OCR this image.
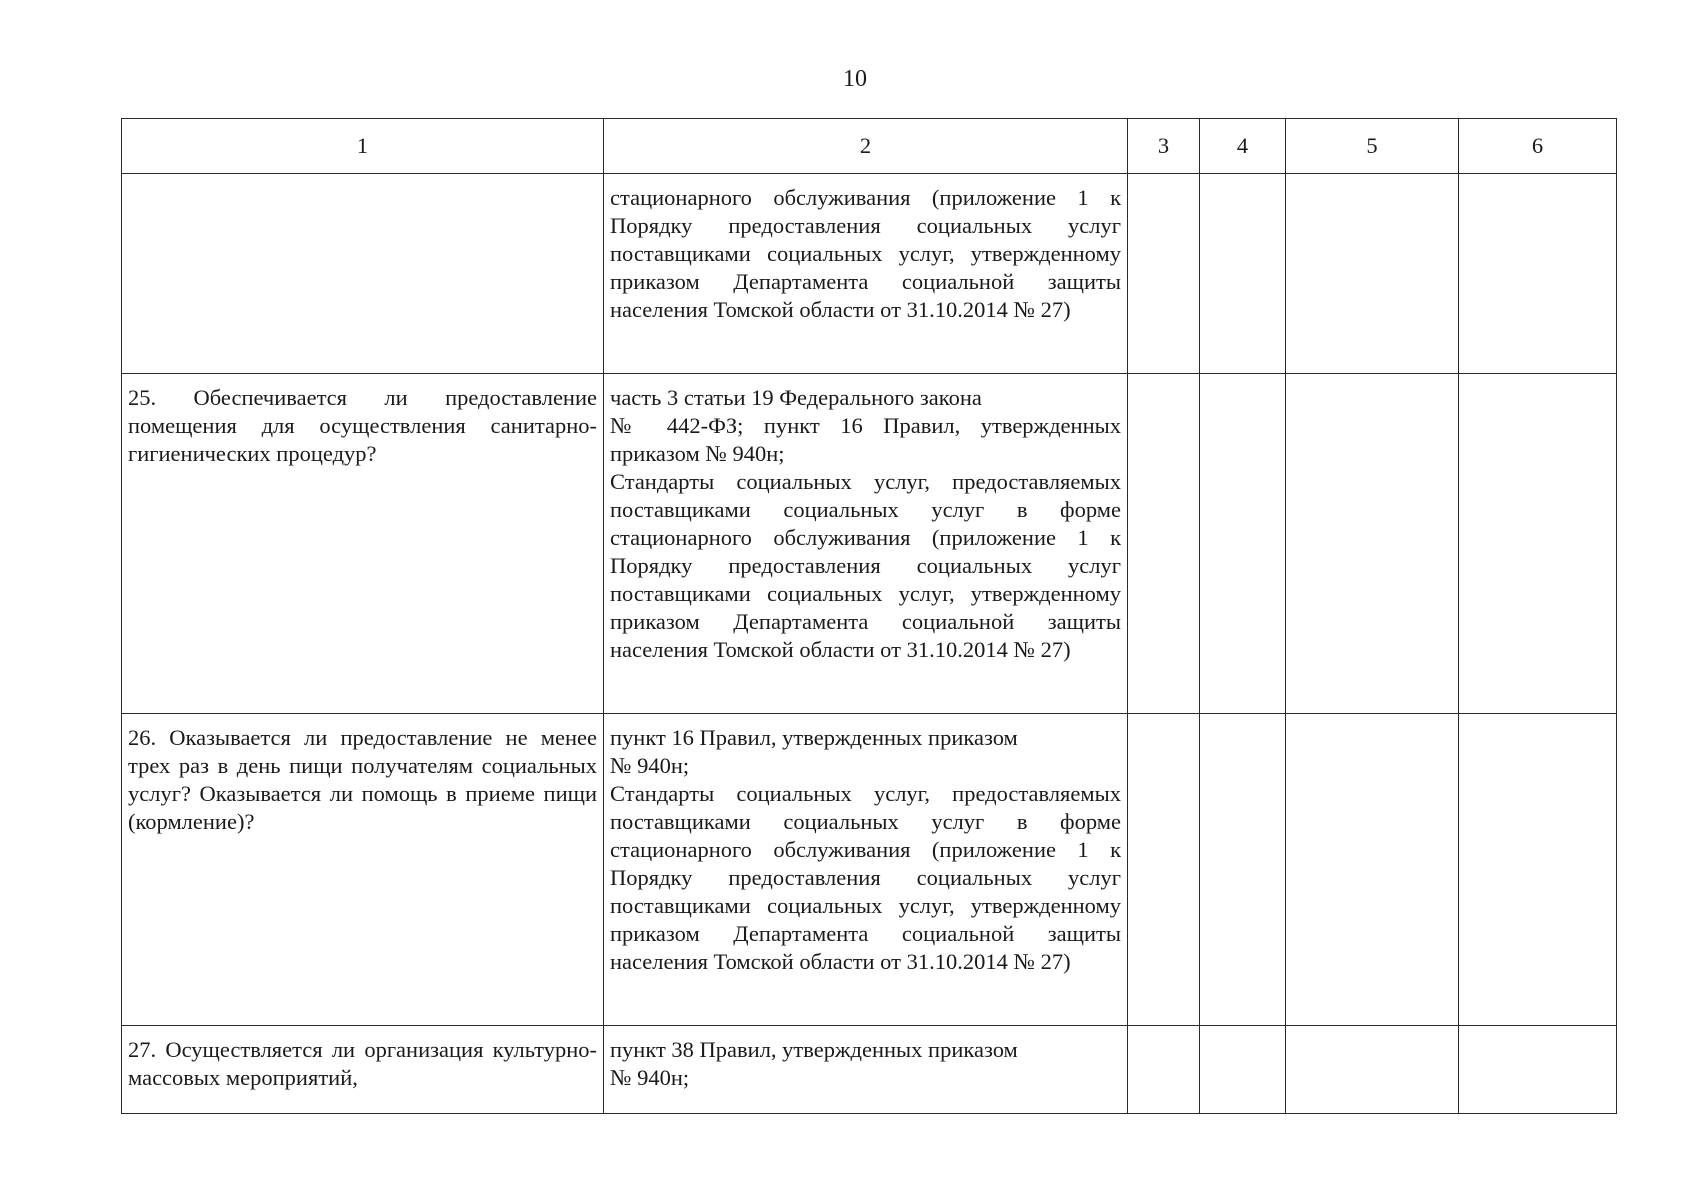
10
1	2	3	4	5	6
	стационарного обслуживания (приложение 1 к Порядку предоставления социальных услуг поставщиками социальных услуг, утвержденному приказом Департамента социальной защиты населения Томской области от 31.10.2014 № 27)				
25. Обеспечивается ли предоставление помещения для осуществления санитарно-гигиенических процедур?	часть 3 статьи 19 Федерального закона
№ 442-ФЗ; пункт 16 Правил, утвержденных приказом № 940н;
Стандарты социальных услуг, предоставляемых поставщиками социальных услуг в форме стационарного обслуживания (приложение 1 к Порядку предоставления социальных услуг поставщиками социальных услуг, утвержденному приказом Департамента социальной защиты населения Томской области от 31.10.2014 № 27)				
26. Оказывается ли предоставление не менее трех раз в день пищи получателям социальных услуг? Оказывается ли помощь в приеме пищи (кормление)?	пункт 16 Правил, утвержденных приказом
№ 940н;
Стандарты социальных услуг, предоставляемых поставщиками социальных услуг в форме стационарного обслуживания (приложение 1 к Порядку предоставления социальных услуг поставщиками социальных услуг, утвержденному приказом Департамента социальной защиты населения Томской области от 31.10.2014 № 27)				
27. Осуществляется ли организация культурно-массовых мероприятий,	пункт 38 Правил, утвержденных приказом
№ 940н;				
